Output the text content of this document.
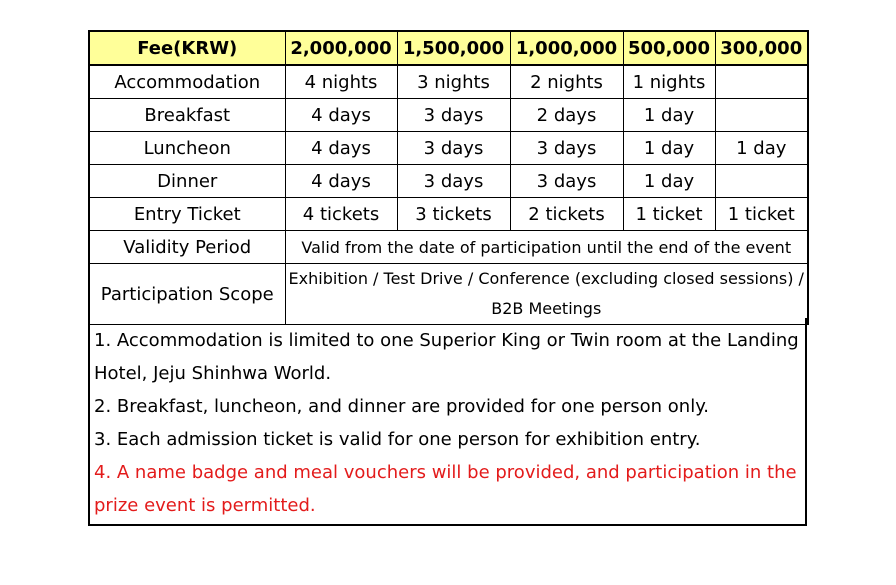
Fee(KRW)	2,000,000	1,500,000	1,000,000	500,000	300,000
Accommodation	4 nights	3 nights	2 nights	1 nights	
Breakfast	4 days	3 days	2 days	1 day	
Luncheon	4 days	3 days	3 days	1 day	1 day
Dinner	4 days	3 days	3 days	1 day	
Entry Ticket	4 tickets	3 tickets	2 tickets	1 ticket	1 ticket
Validity Period	Valid from the date of participation until the end of the event				
Participation Scope	Exhibition / Test Drive / Conference (excluding closed sessions) / B2B Meetings				

1. Accommodation is limited to one Superior King or Twin room at the Landing Hotel, Jeju Shinhwa World.

2. Breakfast, luncheon, and dinner are provided for one person only.

3. Each admission ticket is valid for one person for exhibition entry.

4. A name badge and meal vouchers will be provided, and participation in the prize event is permitted.
